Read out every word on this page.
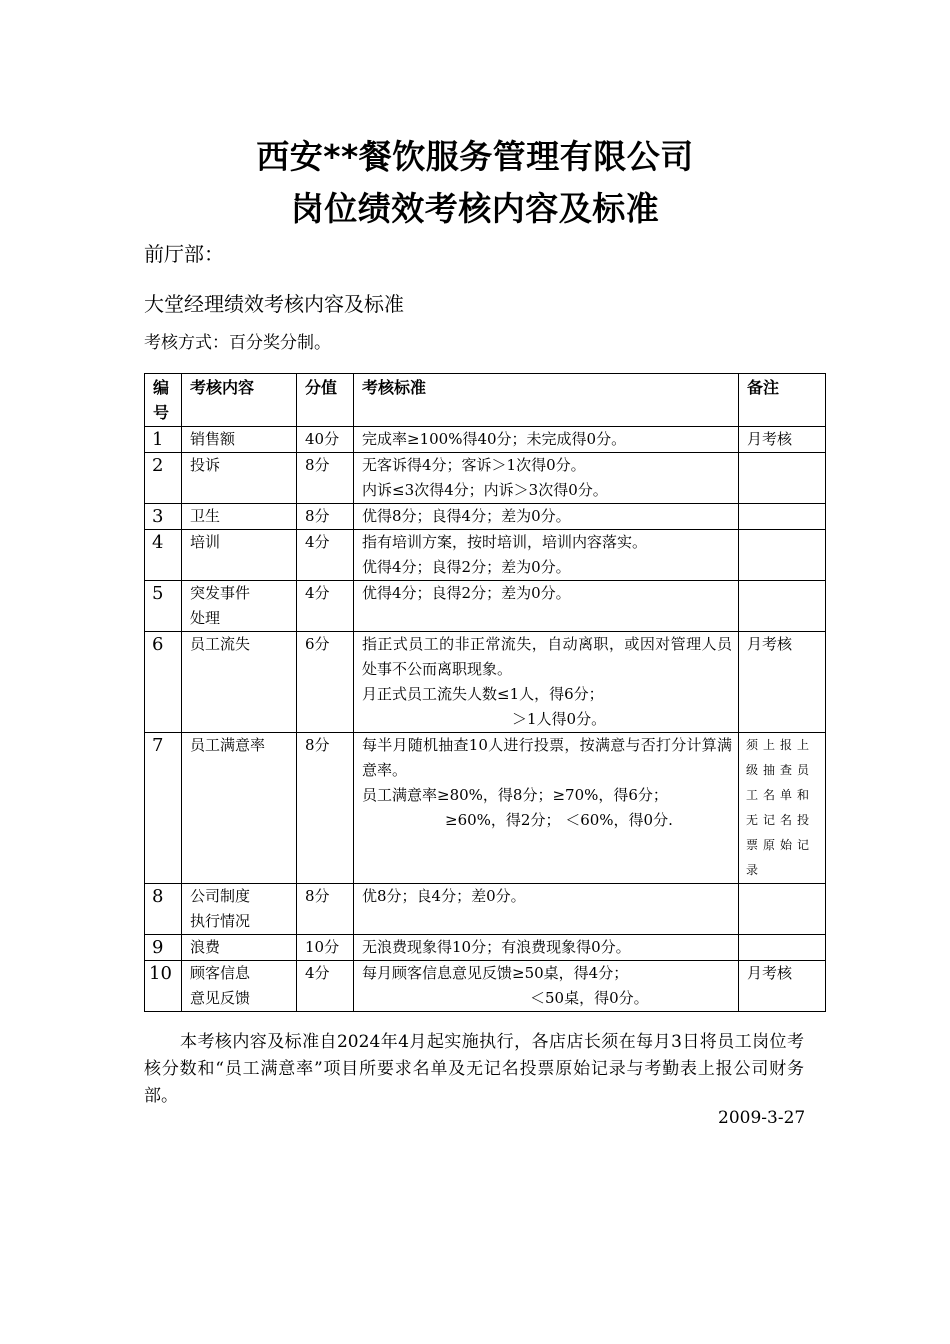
西安**餐饮服务管理有限公司
岗位绩效考核内容及标准
前厅部：
大堂经理绩效考核内容及标准
考核方式：百分奖分制。
编号	考核内容	分值	考核标准	备注
1	销售额	40分	完成率≥100%得40分；未完成得0分。	月考核
2	投诉	8分	无客诉得4分；客诉＞1次得0分。
内诉≤3次得4分；内诉＞3次得0分。	

3	卫生	8分	优得8分；良得4分；差为0分。	

4	培训	4分	指有培训方案，按时培训，培训内容落实。
优得4分；良得2分；差为0分。	

5	突发事件处理	4分	优得4分；良得2分；差为0分。	

6	员工流失	6分	指正式员工的非正常流失，自动离职，或因对管理人员处事不公而离职现象。
月正式员工流失人数≤1人，得6分；
＞1人得0分。	月考核
7	员工满意率	8分	每半月随机抽查10人进行投票，按满意与否打分计算满意率。
员工满意率≥80%，得8分；≥70%，得6分；
≥60%，得2分； ＜60%，得0分.	须上报上级抽查员工名单和无记名投票原始记录
8	公司制度执行情况	8分	优8分；良4分；差0分。	

9	浪费	10分	无浪费现象得10分；有浪费现象得0分。	

10	顾客信息意见反馈	4分	每月顾客信息意见反馈≥50桌，得4分；
＜50桌，得0分。	月考核
本考核内容及标准自2024年4月起实施执行，各店店长须在每月3日将员工岗位考核分数和“员工满意率”项目所要求名单及无记名投票原始记录与考勤表上报公司财务部。
2009-3-27
